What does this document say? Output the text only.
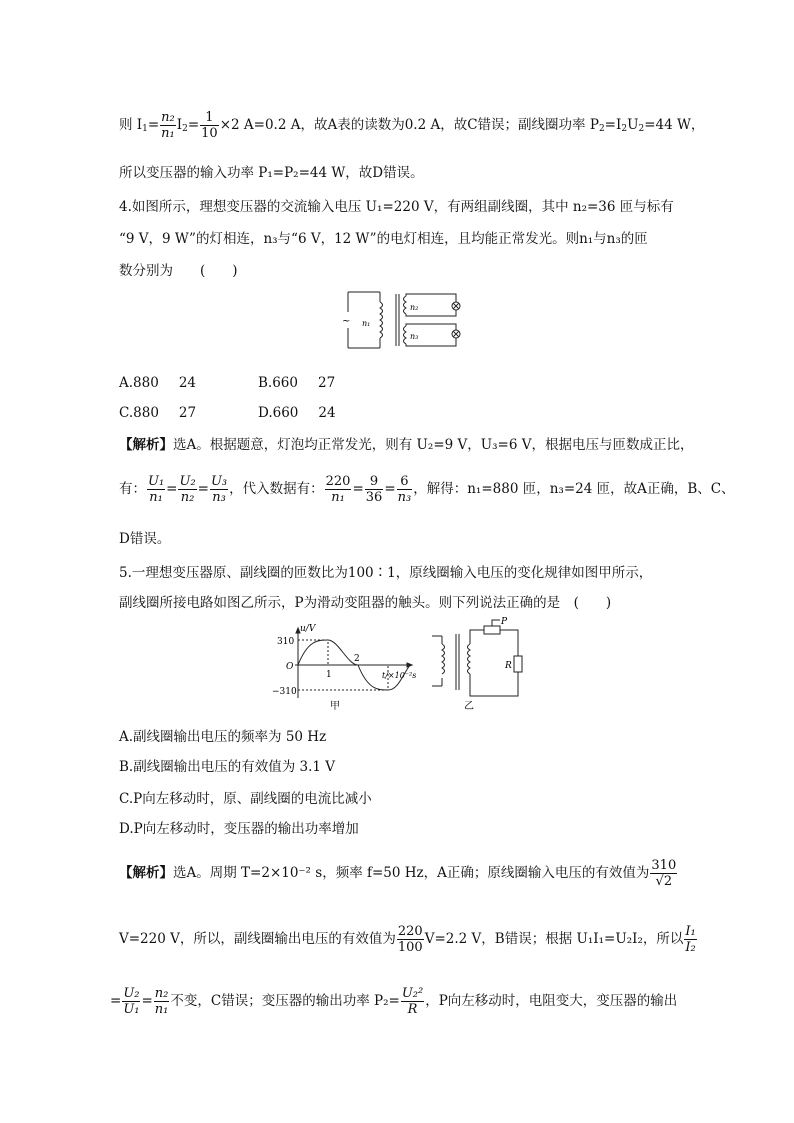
则 $I_1= \frac{\text{n₂}}{\text{n₁}} I_2= \frac{1}{10} \times 2$ A=0.2 A，故A表的读数为0.2 A，故C错误；副线圈功率 $P_2=I_2U_2=44$ W，
所以变压器的输入功率 P₁=P₂=44 W，故D错误。
4.如图所示，理想变压器的交流输入电压 U₁=220 V，有两组副线圈，其中 n₂=36 匝与标有
“9 V，9 W”的灯相连，n₃与“6 V，12 W”的电灯相连，且均能正常发光。则n₁与n₃的匝
数分别为　　(　　)
~ n₁
n₂
n₃
A.880 24	B.660 27
C.880 27	D.660 24
【解析】选A。根据题意，灯泡均正常发光，则有 U₂=9 V，U₃=6 V，根据电压与匝数成正比，
有： $\frac{\text{U₁}}{\text{n₁}} = \frac{\text{U₂}}{\text{n₂}} = \frac{\text{U₃}}{\text{n₃}}$ ，代入数据有： $\frac{220}{\text{n₁}} = \frac{9}{36} = \frac{6}{\text{n₃}}$ ，解得：n₁=880 匝，n₃=24 匝，故A正确，B、C、
D错误。
5.一理想变压器原、副线圈的匝数比为100∶1，原线圈输入电压的变化规律如图甲所示，
副线圈所接电路如图乙所示，P为滑动变阻器的触头。则下列说法正确的是　(　　)
u/V
310
O
−310
1
2
t/×10⁻²s
甲
P
R
乙
A.副线圈输出电压的频率为 50 Hz
B.副线圈输出电压的有效值为 3.1 V
C.P向左移动时，原、副线圈的电流比减小
D.P向左移动时，变压器的输出功率增加
【解析】选A。周期 T=2×10⁻² s，频率 f=50 Hz，A正确；原线圈输入电压的有效值为 $\frac{310}{√2}$
V=220 V，所以，副线圈输出电压的有效值为 $\frac{220}{100} V=2.2$ V，B错误；根据 U₁I₁=U₂I₂，所以 $\frac{\text{I₁}}{\text{I₂}}$
= $\frac{\text{U₂}}{\text{U₁}} = \frac{\text{n₂}}{\text{n₁}}$ 不变，C错误；变压器的输出功率 $P_2= \frac{\text{U₂²}}{R}$ ，P向左移动时，电阻变大，变压器的输出
